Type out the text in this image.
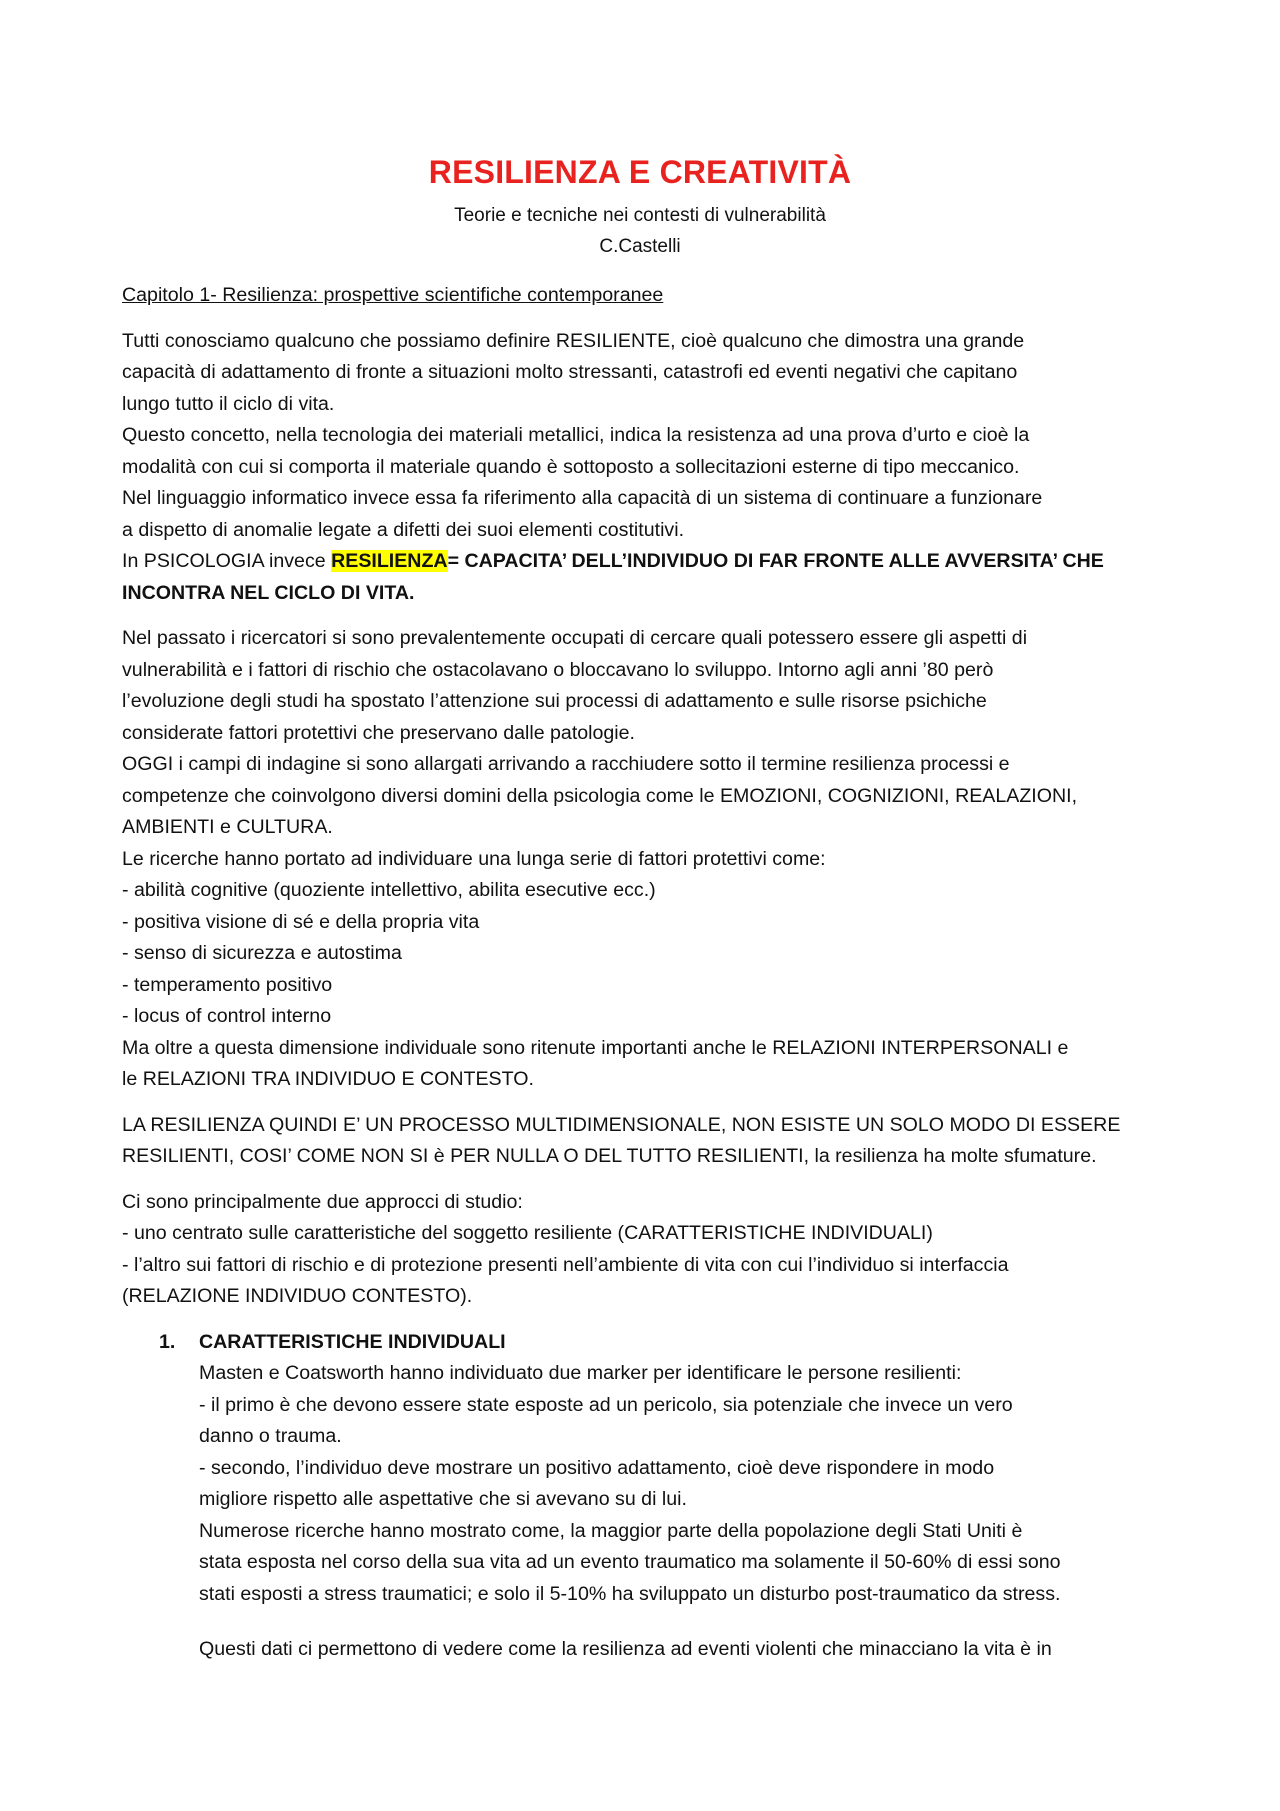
RESILIENZA E CREATIVITÀ
Teorie e tecniche nei contesti di vulnerabilità
C.Castelli
Capitolo 1- Resilienza: prospettive scientifiche contemporanee
Tutti conosciamo qualcuno che possiamo definire RESILIENTE, cioè qualcuno che dimostra una grande
capacità di adattamento di fronte a situazioni molto stressanti, catastrofi ed eventi negativi che capitano
lungo tutto il ciclo di vita.
Questo concetto, nella tecnologia dei materiali metallici, indica la resistenza ad una prova d’urto e cioè la
modalità con cui si comporta il materiale quando è sottoposto a sollecitazioni esterne di tipo meccanico.
Nel linguaggio informatico invece essa fa riferimento alla capacità di un sistema di continuare a funzionare
a dispetto di anomalie legate a difetti dei suoi elementi costitutivi.
In PSICOLOGIA invece RESILIENZA= CAPACITA’ DELL’INDIVIDUO DI FAR FRONTE ALLE AVVERSITA’ CHE
INCONTRA NEL CICLO DI VITA.
Nel passato i ricercatori si sono prevalentemente occupati di cercare quali potessero essere gli aspetti di
vulnerabilità e i fattori di rischio che ostacolavano o bloccavano lo sviluppo. Intorno agli anni ’80 però
l’evoluzione degli studi ha spostato l’attenzione sui processi di adattamento e sulle risorse psichiche
considerate fattori protettivi che preservano dalle patologie.
OGGI i campi di indagine si sono allargati arrivando a racchiudere sotto il termine resilienza processi e
competenze che coinvolgono diversi domini della psicologia come le EMOZIONI, COGNIZIONI, REALAZIONI,
AMBIENTI e CULTURA.
Le ricerche hanno portato ad individuare una lunga serie di fattori protettivi come:
- abilità cognitive (quoziente intellettivo, abilita esecutive ecc.)
- positiva visione di sé e della propria vita
- senso di sicurezza e autostima
- temperamento positivo
- locus of control interno
Ma oltre a questa dimensione individuale sono ritenute importanti anche le RELAZIONI INTERPERSONALI e
le RELAZIONI TRA INDIVIDUO E CONTESTO.
LA RESILIENZA QUINDI E’ UN PROCESSO MULTIDIMENSIONALE, NON ESISTE UN SOLO MODO DI ESSERE
RESILIENTI, COSI’ COME NON SI è PER NULLA O DEL TUTTO RESILIENTI, la resilienza ha molte sfumature.
Ci sono principalmente due approcci di studio:
- uno centrato sulle caratteristiche del soggetto resiliente (CARATTERISTICHE INDIVIDUALI)
- l’altro sui fattori di rischio e di protezione presenti nell’ambiente di vita con cui l’individuo si interfaccia
(RELAZIONE INDIVIDUO CONTESTO).
1. CARATTERISTICHE INDIVIDUALI
Masten e Coatsworth hanno individuato due marker per identificare le persone resilienti:
- il primo è che devono essere state esposte ad un pericolo, sia potenziale che invece un vero
danno o trauma.
- secondo, l’individuo deve mostrare un positivo adattamento, cioè deve rispondere in modo
migliore rispetto alle aspettative che si avevano su di lui.
Numerose ricerche hanno mostrato come, la maggior parte della popolazione degli Stati Uniti è
stata esposta nel corso della sua vita ad un evento traumatico ma solamente il 50-60% di essi sono
stati esposti a stress traumatici; e solo il 5-10% ha sviluppato un disturbo post-traumatico da stress.
Questi dati ci permettono di vedere come la resilienza ad eventi violenti che minacciano la vita è in
